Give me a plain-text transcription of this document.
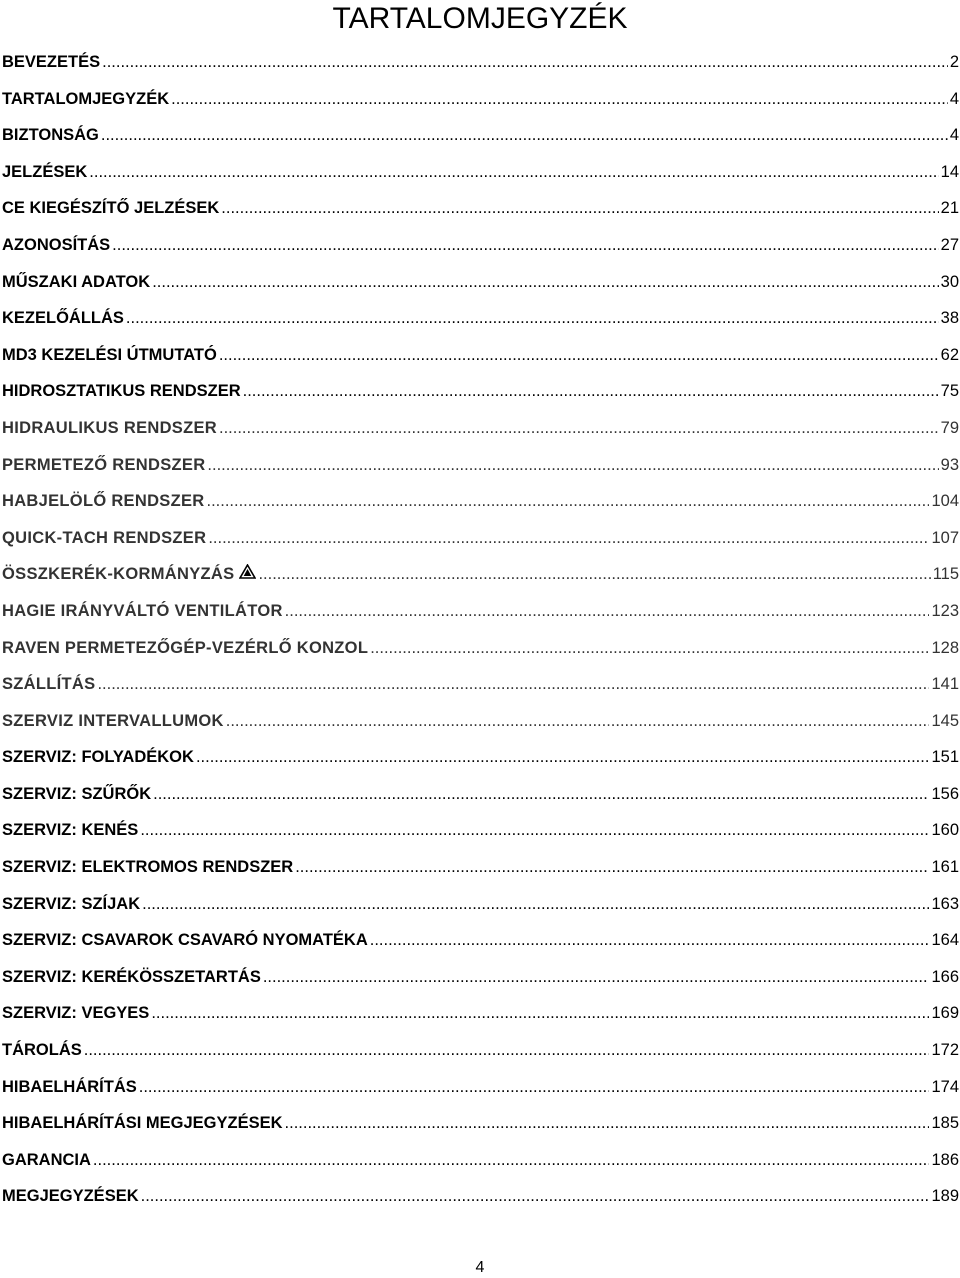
TARTALOMJEGYZÉK
BEVEZETÉS .....	2
TARTALOMJEGYZÉK .....	4
BIZTONSÁG .....	4
JELZÉSEK .....	14
CE KIEGÉSZÍTŐ JELZÉSEK .....	21
AZONOSÍTÁS .....	27
MŰSZAKI ADATOK .....	30
KEZELŐÁLLÁS .....	38
MD3 KEZELÉSI ÚTMUTATÓ .....	62
HIDROSZTATIKUS RENDSZER .....	75
HIDRAULIKUS RENDSZER .....	79
PERMETEZŐ RENDSZER .....	93
HABJELÖLŐ RENDSZER .....	104
QUICK-TACH RENDSZER .....	107
ÖSSZKERÉK-KORMÁNYZÁS .....	115
HAGIE IRÁNYVÁLTÓ VENTILÁTOR .....	123
RAVEN PERMETEZŐGÉP-VEZÉRLŐ KONZOL .....	128
SZÁLLÍTÁS .....	141
SZERVIZ INTERVALLUMOK .....	145
SZERVIZ: FOLYADÉKOK .....	151
SZERVIZ: SZŰRŐK .....	156
SZERVIZ: KENÉS .....	160
SZERVIZ: ELEKTROMOS RENDSZER .....	161
SZERVIZ: SZÍJAK .....	163
SZERVIZ: CSAVAROK CSAVARÓ NYOMATÉKA .....	164
SZERVIZ: KERÉKÖSSZETARTÁS .....	166
SZERVIZ: VEGYES .....	169
TÁROLÁS .....	172
HIBAELHÁRÍTÁS .....	174
HIBAELHÁRÍTÁSI MEGJEGYZÉSEK .....	185
GARANCIA .....	186
MEGJEGYZÉSEK .....	189
4
